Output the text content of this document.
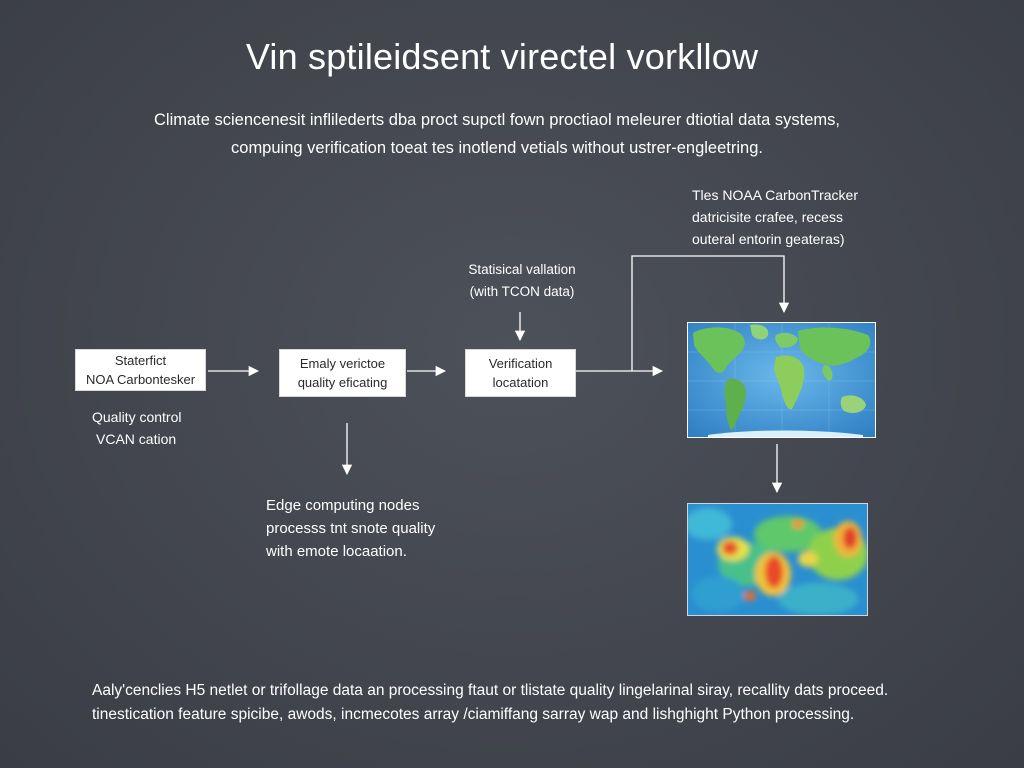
Vin sptileidsent virectel vorkllow
Climate sciencenesit inflilederts dba proct supctl fown proctiaol meleurer dtiotial data systems,
compuing verification toeat tes inotlend vetials without ustrer-engleetring.
Staterfict
NOA Carbontesker
Emaly verictoe
quality eficating
Verification
locatation
Quality control
VCAN cation
Edge computing nodes
processs tnt snote quality
with emote locaation.
Statisical vallation
(with TCON data)
Tles NOAA CarbonTracker
datricisite crafee, recess
outeral entorin geateras)
Aaly'cenclies H5 netlet or trifollage data an processing ftaut or tlistate quality lingelarinal siray, recallity dats proceed.
tinestication feature spicibe, awods, incmecotes array /ciamiffang sarray wap and lishghight Python processing.
